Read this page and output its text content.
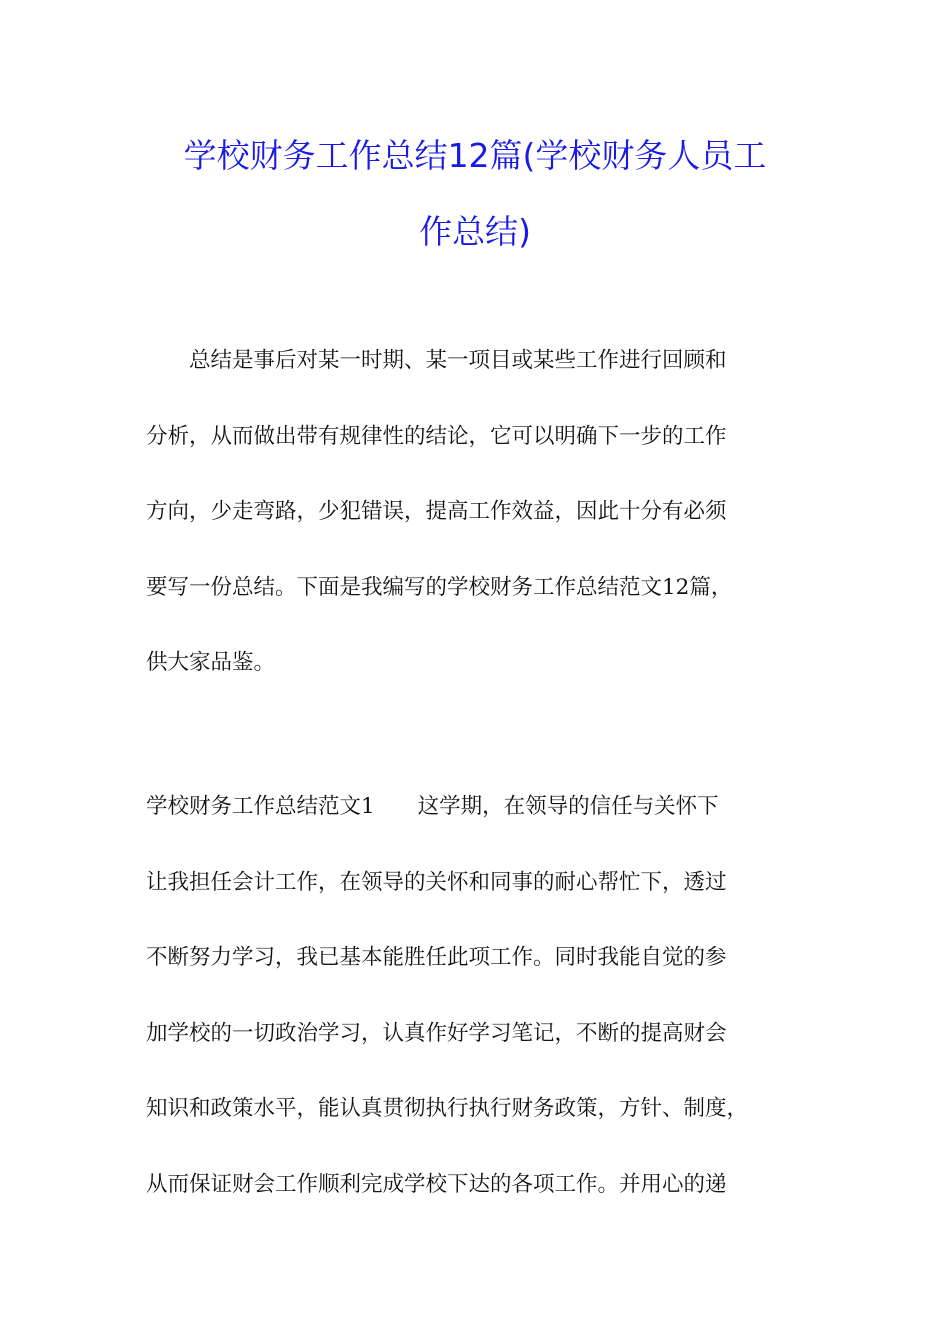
学校财务工作总结12篇(学校财务人员工
作总结)
　　总结是事后对某一时期、某一项目或某些工作进行回顾和
分析，从而做出带有规律性的结论，它可以明确下一步的工作
方向，少走弯路，少犯错误，提高工作效益，因此十分有必须
要写一份总结。下面是我编写的学校财务工作总结范文12篇，
供大家品鉴。
学校财务工作总结范文1　　这学期，在领导的信任与关怀下
让我担任会计工作，在领导的关怀和同事的耐心帮忙下，透过
不断努力学习，我已基本能胜任此项工作。同时我能自觉的参
加学校的一切政治学习，认真作好学习笔记，不断的提高财会
知识和政策水平，能认真贯彻执行执行财务政策，方针、制度，
从而保证财会工作顺利完成学校下达的各项工作。并用心的递
